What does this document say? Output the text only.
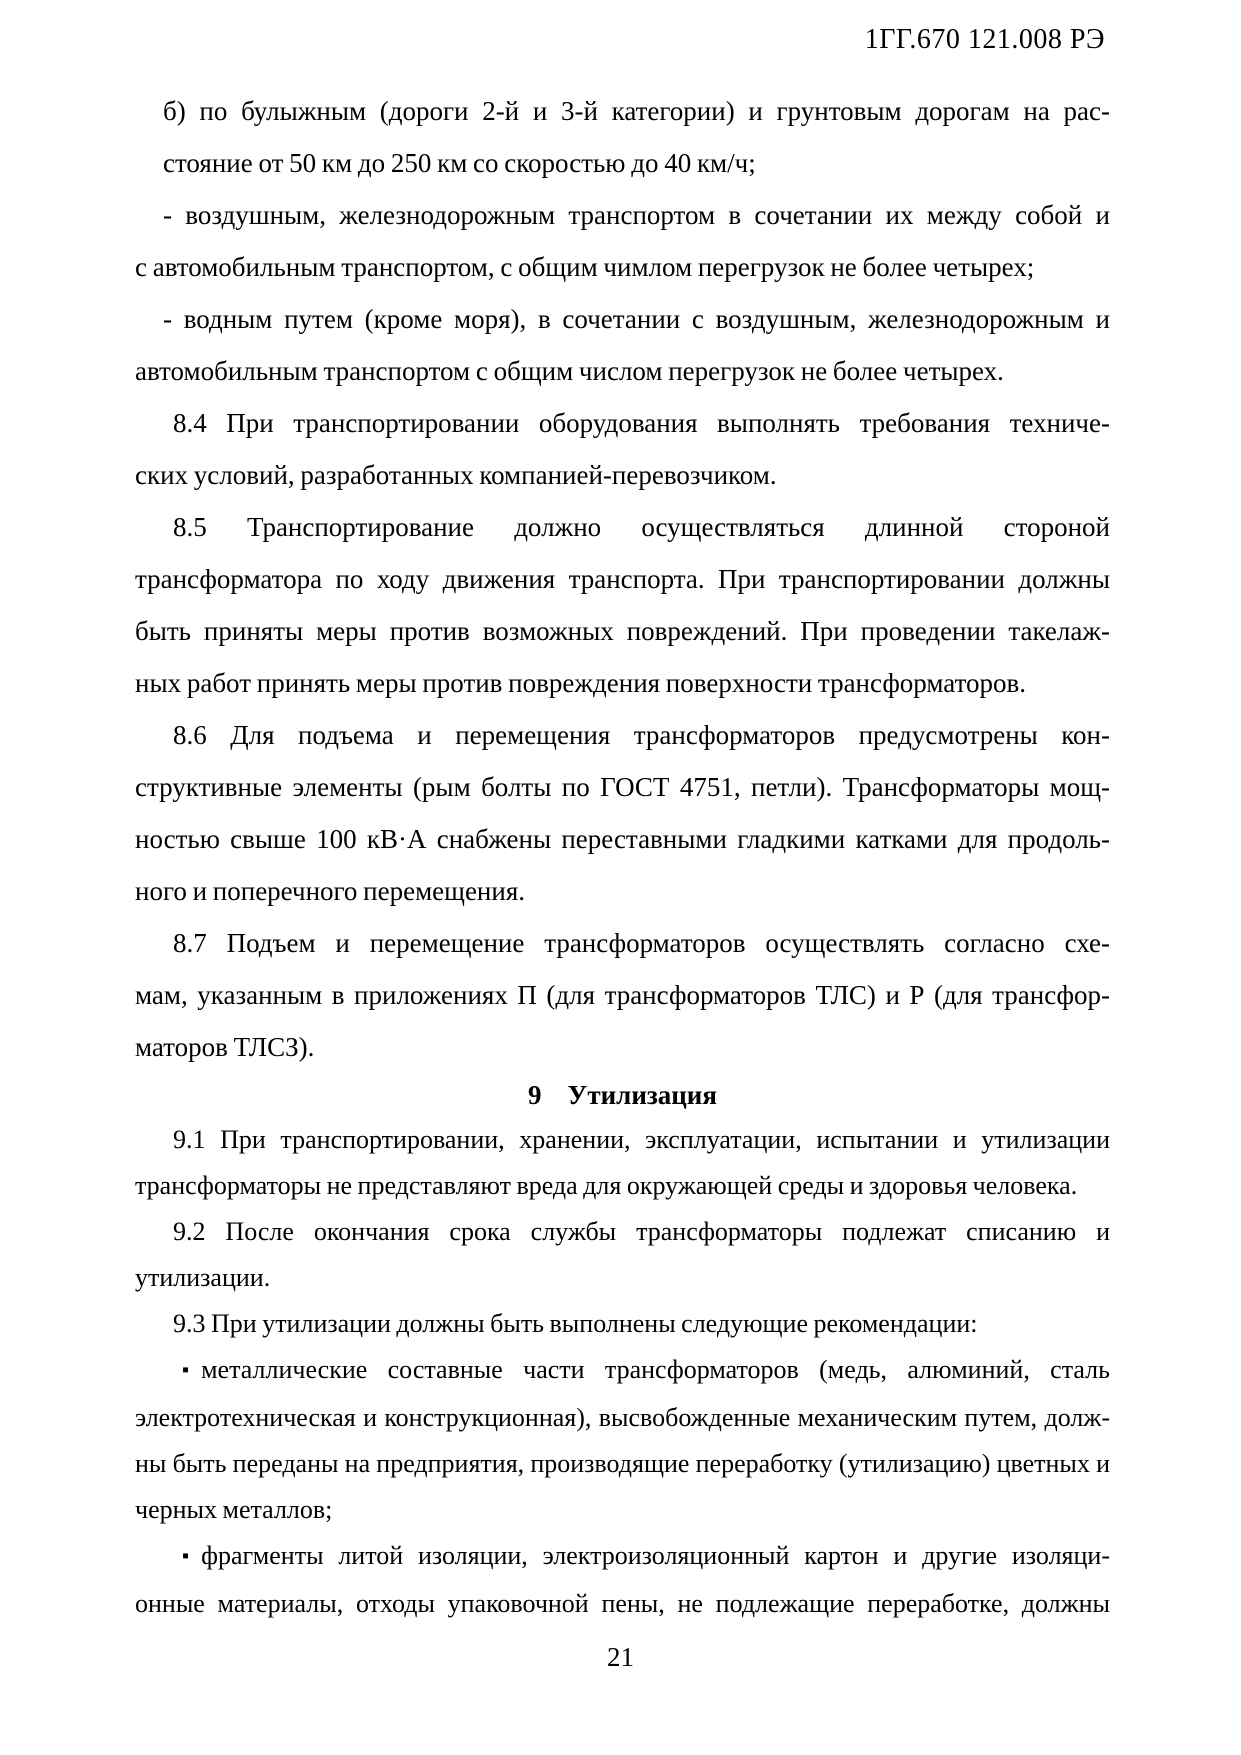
1ГГ.670 121.008 РЭ
б) по булыжным (дороги 2-й и 3-й категории) и грунтовым дорогам на рас-
стояние от 50 км до 250 км со скоростью до 40 км/ч;
- воздушным, железнодорожным транспортом в сочетании их между собой и
с автомобильным транспортом, с общим чимлом перегрузок не более четырех;
- водным путем (кроме моря), в сочетании с воздушным, железнодорожным и
автомобильным транспортом с общим числом перегрузок не более четырех.
8.4 При транспортировании оборудования выполнять требования техниче-
ских условий, разработанных компанией-перевозчиком.
8.5 Транспортирование должно осуществляться длинной стороной
трансформатора по ходу движения транспорта. При транспортировании должны
быть приняты меры против возможных повреждений. При проведении такелаж-
ных работ принять меры против повреждения поверхности трансформаторов.
8.6 Для подъема и перемещения трансформаторов предусмотрены кон-
структивные элементы (рым болты по ГОСТ 4751, петли). Трансформаторы мощ-
ностью свыше 100 кВ·А снабжены переставными гладкими катками для продоль-
ного и поперечного перемещения.
8.7 Подъем и перемещение трансформаторов осуществлять согласно схе-
мам, указанным в приложениях П (для трансформаторов ТЛС) и Р (для трансфор-
маторов ТЛСЗ).
9 Утилизация
9.1 При транспортировании, хранении, эксплуатации, испытании и утилизации
трансформаторы не представляют вреда для окружающей среды и здоровья человека.
9.2 После окончания срока службы трансформаторы подлежат списанию и
утилизации.
9.3 При утилизации должны быть выполнены следующие рекомендации:
▪ металлические составные части трансформаторов (медь, алюминий, сталь
электротехническая и конструкционная), высвобожденные механическим путем, долж-
ны быть переданы на предприятия, производящие переработку (утилизацию) цветных и
черных металлов;
▪ фрагменты литой изоляции, электроизоляционный картон и другие изоляци-
онные материалы, отходы упаковочной пены, не подлежащие переработке, должны
21
